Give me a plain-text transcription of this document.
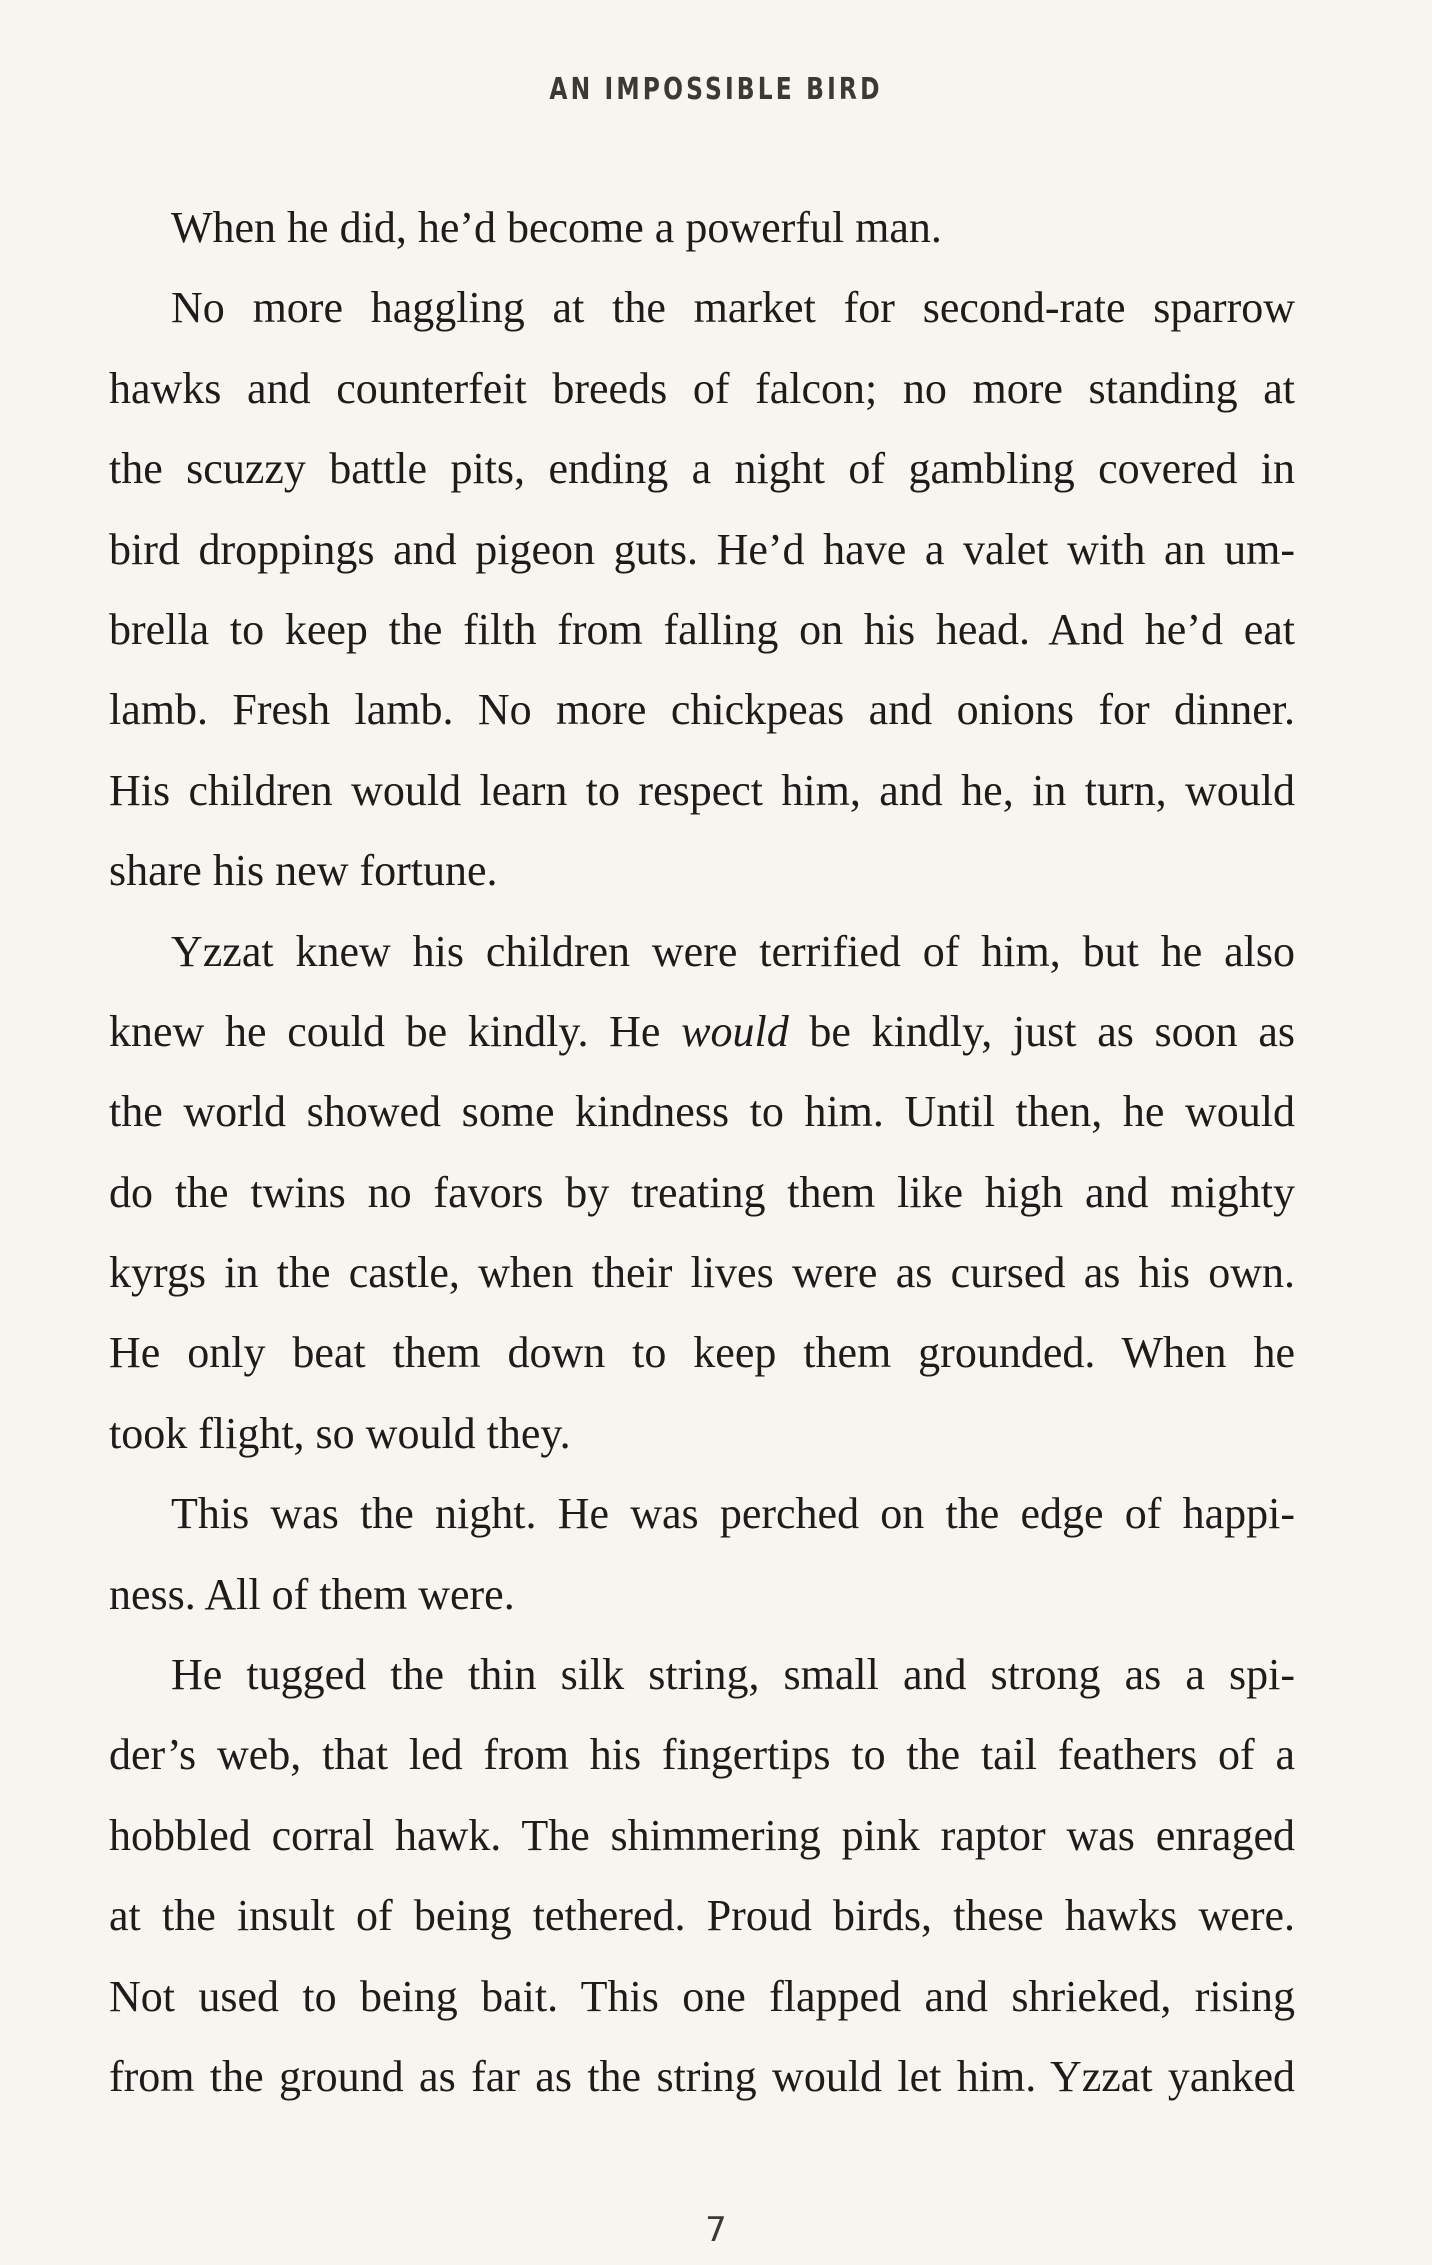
AN IMPOSSIBLE BIRD
When he did, he’d become a powerful man.
No more haggling at the market for second-rate sparrow
hawks and counterfeit breeds of falcon; no more standing at
the scuzzy battle pits, ending a night of gambling covered in
bird droppings and pigeon guts. He’d have a valet with an um-
brella to keep the filth from falling on his head. And he’d eat
lamb. Fresh lamb. No more chickpeas and onions for dinner.
His children would learn to respect him, and he, in turn, would
share his new fortune.
Yzzat knew his children were terrified of him, but he also
knew he could be kindly. He would be kindly, just as soon as
the world showed some kindness to him. Until then, he would
do the twins no favors by treating them like high and mighty
kyrgs in the castle, when their lives were as cursed as his own.
He only beat them down to keep them grounded. When he
took flight, so would they.
This was the night. He was perched on the edge of happi-
ness. All of them were.
He tugged the thin silk string, small and strong as a spi-
der’s web, that led from his fingertips to the tail feathers of a
hobbled corral hawk. The shimmering pink raptor was enraged
at the insult of being tethered. Proud birds, these hawks were.
Not used to being bait. This one flapped and shrieked, rising
from the ground as far as the string would let him. Yzzat yanked
7
